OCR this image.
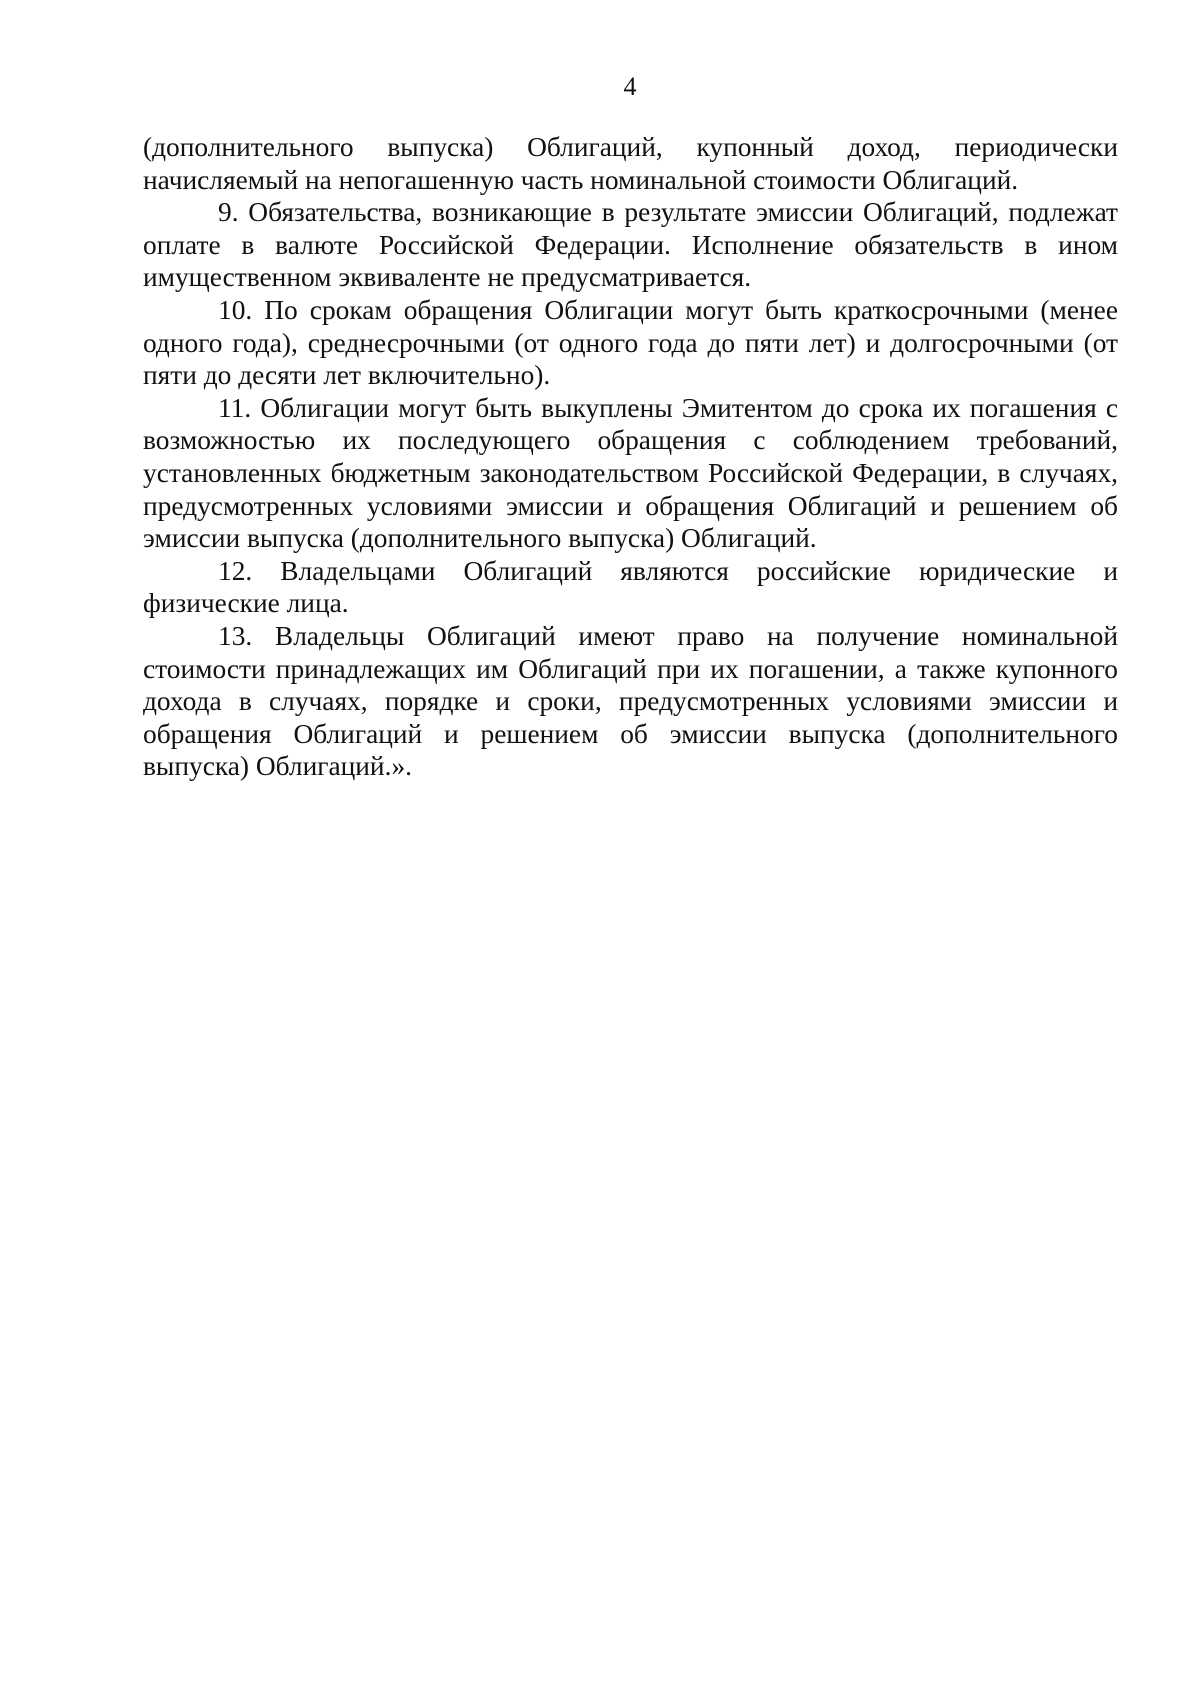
4

(дополнительного выпуска) Облигаций, купонный доход, периодически начисляемый на непогашенную часть номинальной стоимости Облигаций.

9. Обязательства, возникающие в результате эмиссии Облигаций, подлежат оплате в валюте Российской Федерации. Исполнение обязательств в ином имущественном эквиваленте не предусматривается.

10. По срокам обращения Облигации могут быть краткосрочными (менее одного года), среднесрочными (от одного года до пяти лет) и долгосрочными (от пяти до десяти лет включительно).

11. Облигации могут быть выкуплены Эмитентом до срока их погашения с возможностью их последующего обращения с соблюдением требований, установленных бюджетным законодательством Российской Федерации, в случаях, предусмотренных условиями эмиссии и обращения Облигаций и решением об эмиссии выпуска (дополнительного выпуска) Облигаций.

12. Владельцами Облигаций являются российские юридические и физические лица.

13. Владельцы Облигаций имеют право на получение номинальной стоимости принадлежащих им Облигаций при их погашении, а также купонного дохода в случаях, порядке и сроки, предусмотренных условиями эмиссии и обращения Облигаций и решением об эмиссии выпуска (дополнительного выпуска) Облигаций.».
